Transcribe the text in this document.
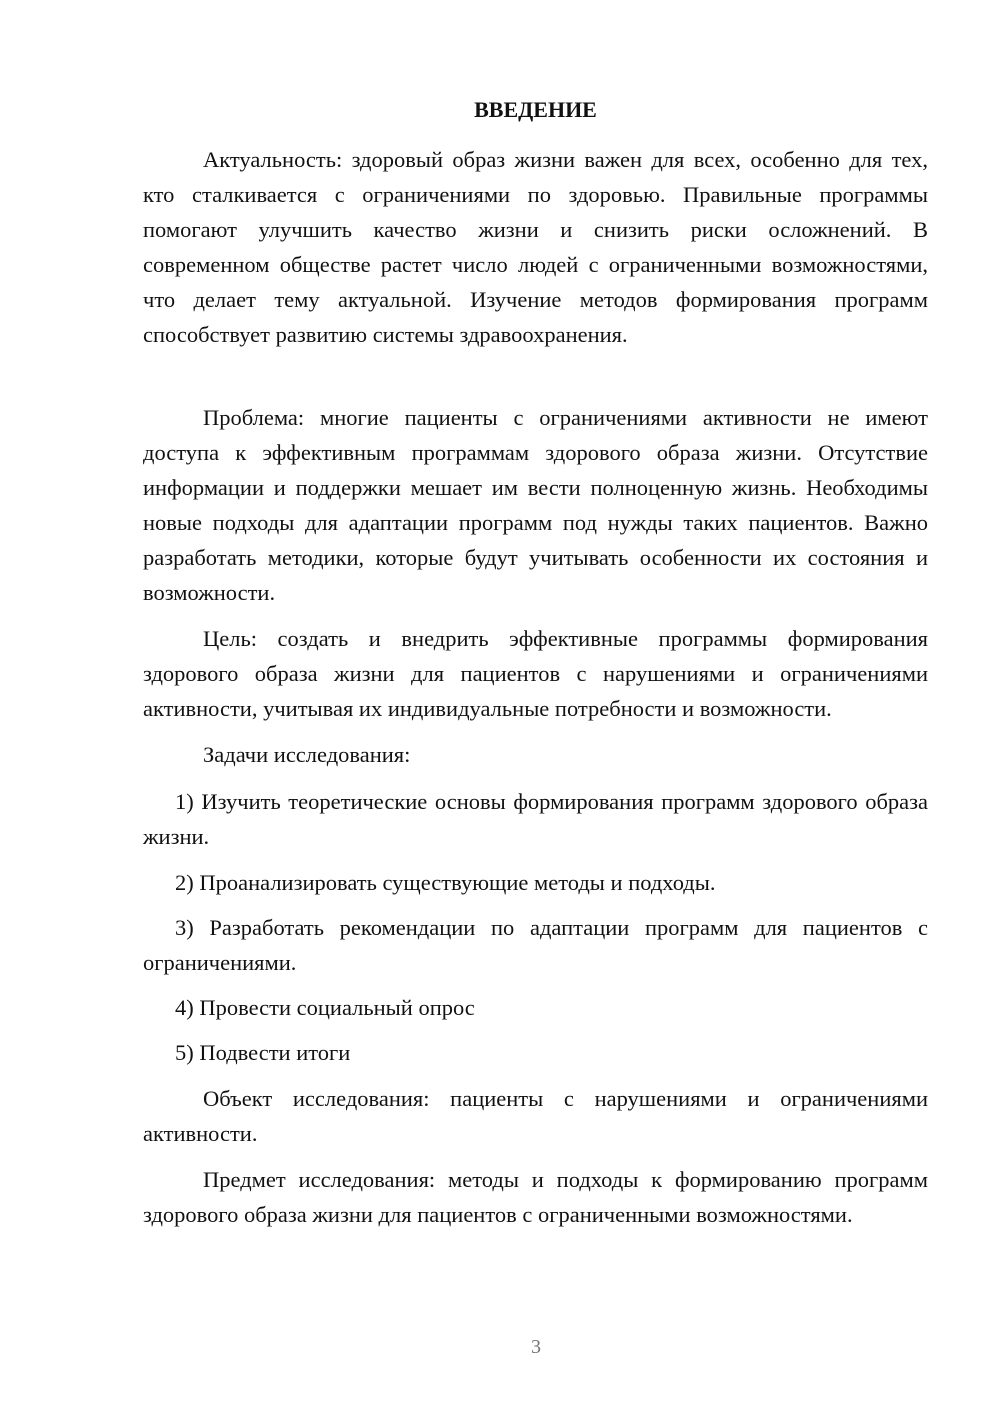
ВВЕДЕНИЕ

Актуальность: здоровый образ жизни важен для всех, особенно для тех, кто сталкивается с ограничениями по здоровью. Правильные программы помогают улучшить качество жизни и снизить риски осложнений. В современном обществе растет число людей с ограниченными возможностями, что делает тему актуальной. Изучение методов формирования программ способствует развитию системы здравоохранения.

Проблема: многие пациенты с ограничениями активности не имеют доступа к эффективным программам здорового образа жизни. Отсутствие информации и поддержки мешает им вести полноценную жизнь. Необходимы новые подходы для адаптации программ под нужды таких пациентов. Важно разработать методики, которые будут учитывать особенности их состояния и возможности.

Цель: создать и внедрить эффективные программы формирования здорового образа жизни для пациентов с нарушениями и ограничениями активности, учитывая их индивидуальные потребности и возможности.

Задачи исследования:

1) Изучить теоретические основы формирования программ здорового образа жизни.

2) Проанализировать существующие методы и подходы.

3) Разработать рекомендации по адаптации программ для пациентов с ограничениями.

4) Провести социальный опрос

5) Подвести итоги

Объект исследования: пациенты с нарушениями и ограничениями активности.

Предмет исследования: методы и подходы к формированию программ здорового образа жизни для пациентов с ограниченными возможностями.

3
